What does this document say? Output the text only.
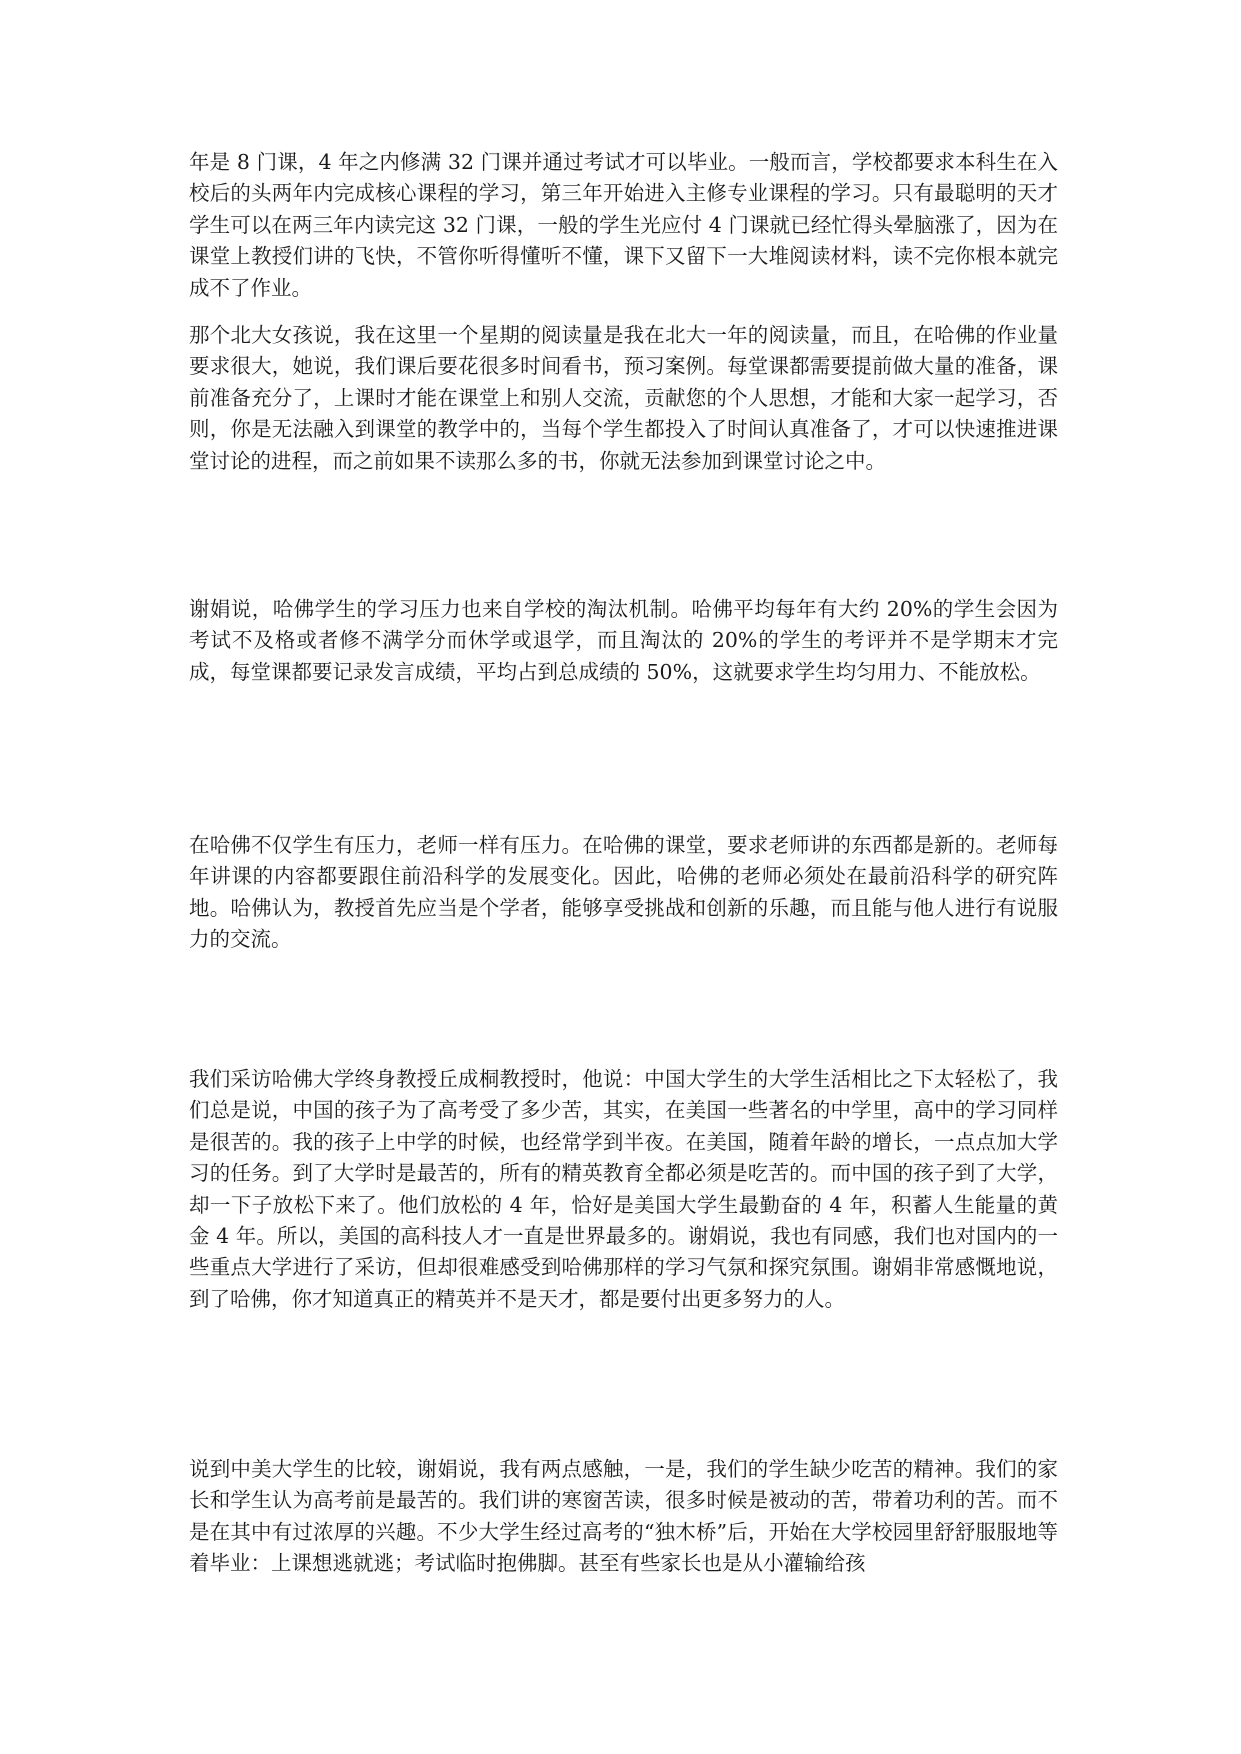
年是 8 门课，4 年之内修满 32 门课并通过考试才可以毕业。一般而言，学校都要求本科生在入校后的头两年内完成核心课程的学习，第三年开始进入主修专业课程的学习。只有最聪明的天才学生可以在两三年内读完这 32 门课，一般的学生光应付 4 门课就已经忙得头晕脑涨了，因为在课堂上教授们讲的飞快，不管你听得懂听不懂，课下又留下一大堆阅读材料，读不完你根本就完成不了作业。
那个北大女孩说，我在这里一个星期的阅读量是我在北大一年的阅读量，而且，在哈佛的作业量要求很大，她说，我们课后要花很多时间看书，预习案例。每堂课都需要提前做大量的准备，课前准备充分了，上课时才能在课堂上和别人交流，贡献您的个人思想，才能和大家一起学习，否则，你是无法融入到课堂的教学中的，当每个学生都投入了时间认真准备了，才可以快速推进课堂讨论的进程，而之前如果不读那么多的书，你就无法参加到课堂讨论之中。
谢娟说，哈佛学生的学习压力也来自学校的淘汰机制。哈佛平均每年有大约 20%的学生会因为考试不及格或者修不满学分而休学或退学，而且淘汰的 20%的学生的考评并不是学期末才完成，每堂课都要记录发言成绩，平均占到总成绩的 50%，这就要求学生均匀用力、不能放松。
在哈佛不仅学生有压力，老师一样有压力。在哈佛的课堂，要求老师讲的东西都是新的。老师每年讲课的内容都要跟住前沿科学的发展变化。因此，哈佛的老师必须处在最前沿科学的研究阵地。哈佛认为，教授首先应当是个学者，能够享受挑战和创新的乐趣，而且能与他人进行有说服力的交流。
我们采访哈佛大学终身教授丘成桐教授时，他说：中国大学生的大学生活相比之下太轻松了，我们总是说，中国的孩子为了高考受了多少苦，其实，在美国一些著名的中学里，高中的学习同样是很苦的。我的孩子上中学的时候，也经常学到半夜。在美国，随着年龄的增长，一点点加大学习的任务。到了大学时是最苦的，所有的精英教育全都必须是吃苦的。而中国的孩子到了大学，却一下子放松下来了。他们放松的 4 年，恰好是美国大学生最勤奋的 4 年，积蓄人生能量的黄金 4 年。所以，美国的高科技人才一直是世界最多的。谢娟说，我也有同感，我们也对国内的一些重点大学进行了采访，但却很难感受到哈佛那样的学习气氛和探究氛围。谢娟非常感慨地说，到了哈佛，你才知道真正的精英并不是天才，都是要付出更多努力的人。
说到中美大学生的比较，谢娟说，我有两点感触，一是，我们的学生缺少吃苦的精神。我们的家长和学生认为高考前是最苦的。我们讲的寒窗苦读，很多时候是被动的苦，带着功利的苦。而不是在其中有过浓厚的兴趣。不少大学生经过高考的“独木桥”后，开始在大学校园里舒舒服服地等着毕业：上课想逃就逃；考试临时抱佛脚。甚至有些家长也是从小灌输给孩
